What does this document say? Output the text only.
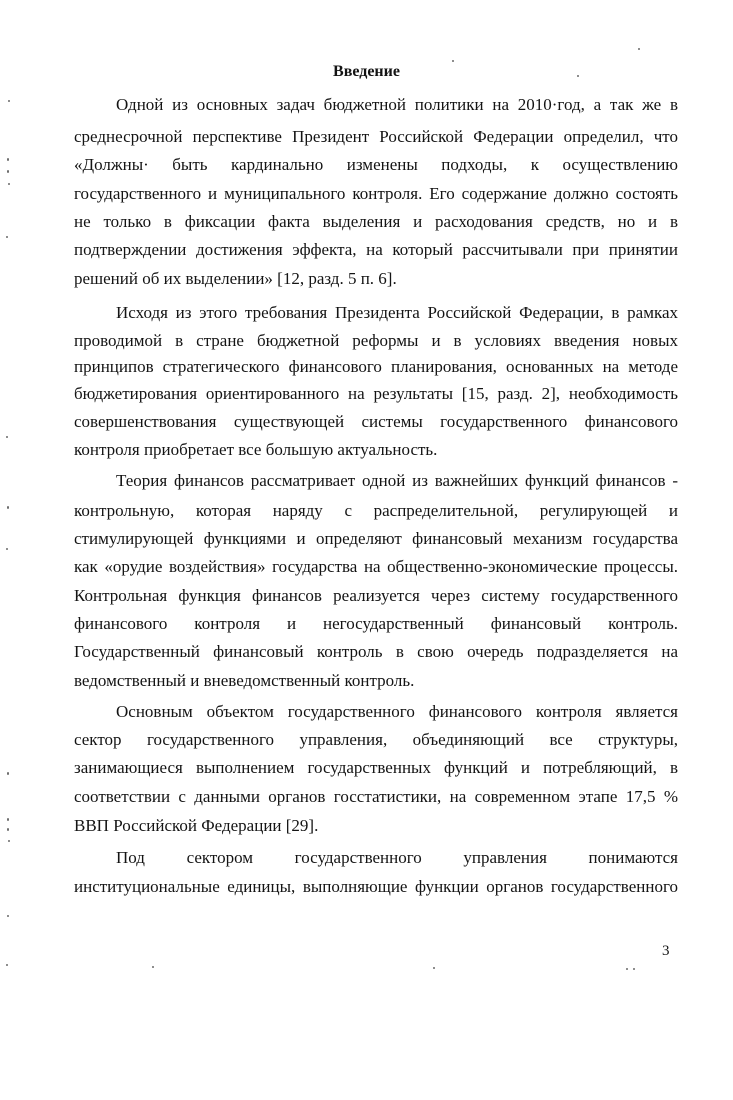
Введение

Одной из основных задач бюджетной политики на 2010·год, а так же в

среднесрочной перспективе Президент Российской Федерации определил, что

«Должны· быть кардинально изменены подходы, к осуществлению

государственного и муниципального контроля. Его содержание должно состоять

не только в фиксации факта выделения и расходования средств, но и в

подтверждении достижения эффекта, на который рассчитывали при принятии

решений об их выделении» [12, разд. 5 п. 6].

Исходя из этого требования Президента Российской Федерации, в рамках

проводимой в стране бюджетной реформы и в условиях введения новых

принципов стратегического финансового планирования, основанных на методе

бюджетирования ориентированного на результаты [15, разд. 2], необходимость

совершенствования существующей системы государственного финансового

контроля приобретает все большую актуальность.

Теория финансов рассматривает одной из важнейших функций финансов -

контрольную, которая наряду с распределительной, регулирующей и

стимулирующей функциями и определяют финансовый механизм государства

как «орудие воздействия» государства на общественно-экономические процессы.

Контрольная функция финансов реализуется через систему государственного

финансового контроля и негосударственный финансовый контроль.

Государственный финансовый контроль в свою очередь подразделяется на

ведомственный и вневедомственный контроль.

Основным объектом государственного финансового контроля является

сектор государственного управления, объединяющий все структуры,

занимающиеся выполнением государственных функций и потребляющий, в

соответствии с данными органов госстатистики, на современном этапе 17,5 %

ВВП Российской Федерации [29].

Под сектором государственного управления понимаются

институциональные единицы, выполняющие функции органов государственного

3
